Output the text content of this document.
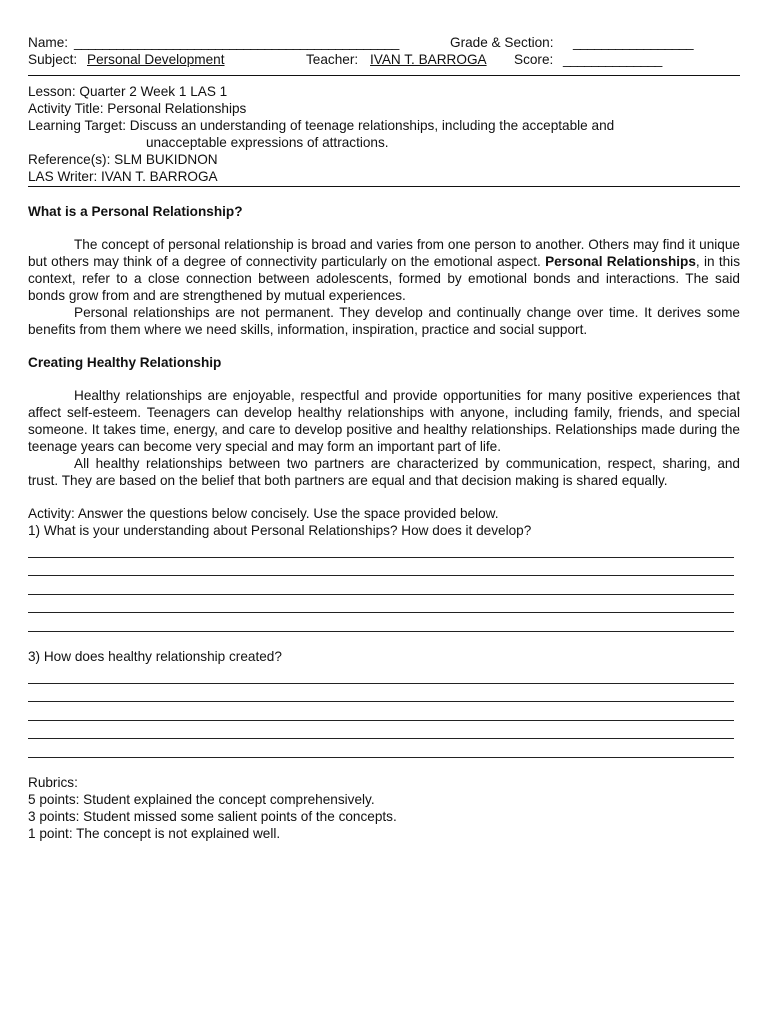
Name: ______________________________________________	Grade & Section: _________________
Subject: Personal Development	Teacher: IVAN T. BARROGA Score: ______________
Lesson: Quarter 2 Week 1 LAS 1
Activity Title: Personal Relationships
Learning Target: Discuss an understanding of teenage relationships, including the acceptable and
unacceptable expressions of attractions.
Reference(s): SLM BUKIDNON
LAS Writer: IVAN T. BARROGA
What is a Personal Relationship?

The concept of personal relationship is broad and varies from one person to another. Others may find it unique but others may think of a degree of connectivity particularly on the emotional aspect. Personal Relationships, in this context, refer to a close connection between adolescents, formed by emotional bonds and interactions. The said bonds grow from and are strengthened by mutual experiences.

Personal relationships are not permanent. They develop and continually change over time. It derives some benefits from them where we need skills, information, inspiration, practice and social support.

Creating Healthy Relationship

Healthy relationships are enjoyable, respectful and provide opportunities for many positive experiences that affect self-esteem. Teenagers can develop healthy relationships with anyone, including family, friends, and special someone. It takes time, energy, and care to develop positive and healthy relationships. Relationships made during the teenage years can become very special and may form an important part of life.

All healthy relationships between two partners are characterized by communication, respect, sharing, and trust. They are based on the belief that both partners are equal and that decision making is shared equally.

Activity: Answer the questions below concisely. Use the space provided below.
1) What is your understanding about Personal Relationships? How does it develop?
3) How does healthy relationship created?
Rubrics:
5 points: Student explained the concept comprehensively.
3 points: Student missed some salient points of the concepts.
1 point: The concept is not explained well.
